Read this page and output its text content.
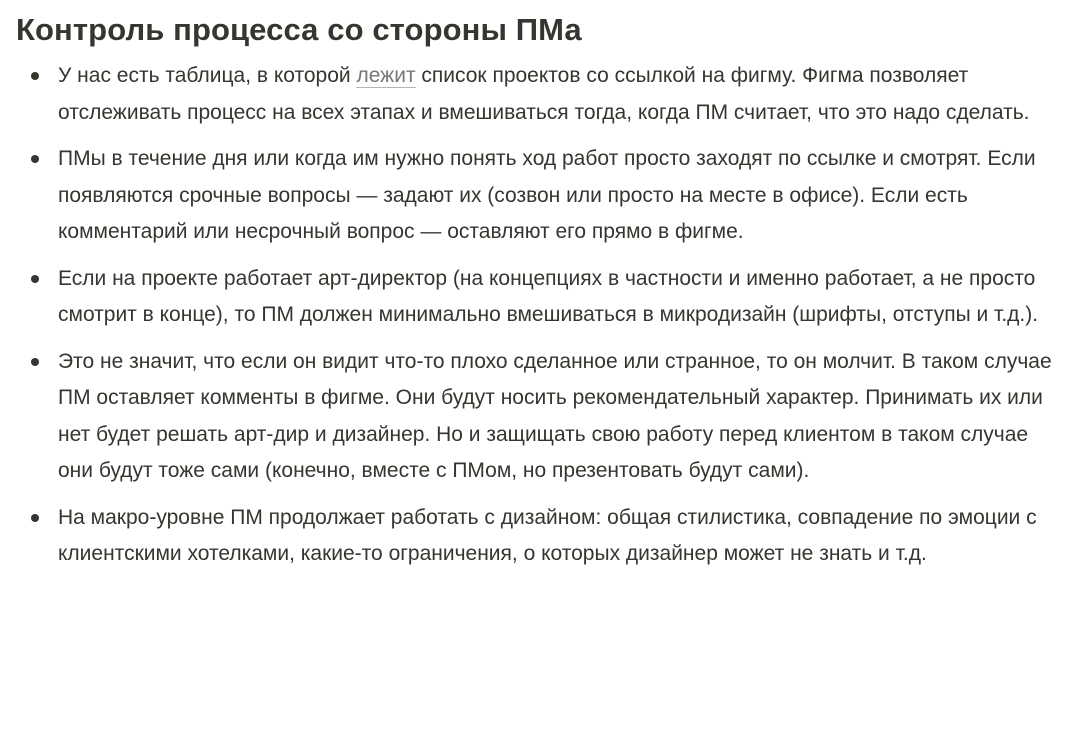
Контроль процесса со стороны ПМа
У нас есть таблица, в которой лежит список проектов со ссылкой на фигму. Фигма позволяет отслеживать процесс на всех этапах и вмешиваться тогда, когда ПМ считает, что это надо сделать.
ПМы в течение дня или когда им нужно понять ход работ просто заходят по ссылке и смотрят. Если появляются срочные вопросы — задают их (созвон или просто на месте в офисе). Если есть комментарий или несрочный вопрос — оставляют его прямо в фигме.
Если на проекте работает арт-директор (на концепциях в частности и именно работает, а не просто смотрит в конце), то ПМ должен минимально вмешиваться в микродизайн (шрифты, отступы и т.д.).
Это не значит, что если он видит что-то плохо сделанное или странное, то он молчит. В таком случае ПМ оставляет комменты в фигме. Они будут носить рекомендательный характер. Принимать их или нет будет решать арт-дир и дизайнер. Но и защищать свою работу перед клиентом в таком случае они будут тоже сами (конечно, вместе с ПМом, но презентовать будут сами).
На макро-уровне ПМ продолжает работать с дизайном: общая стилистика, совпадение по эмоции с клиентскими хотелками, какие-то ограничения, о которых дизайнер может не знать и т.д.
